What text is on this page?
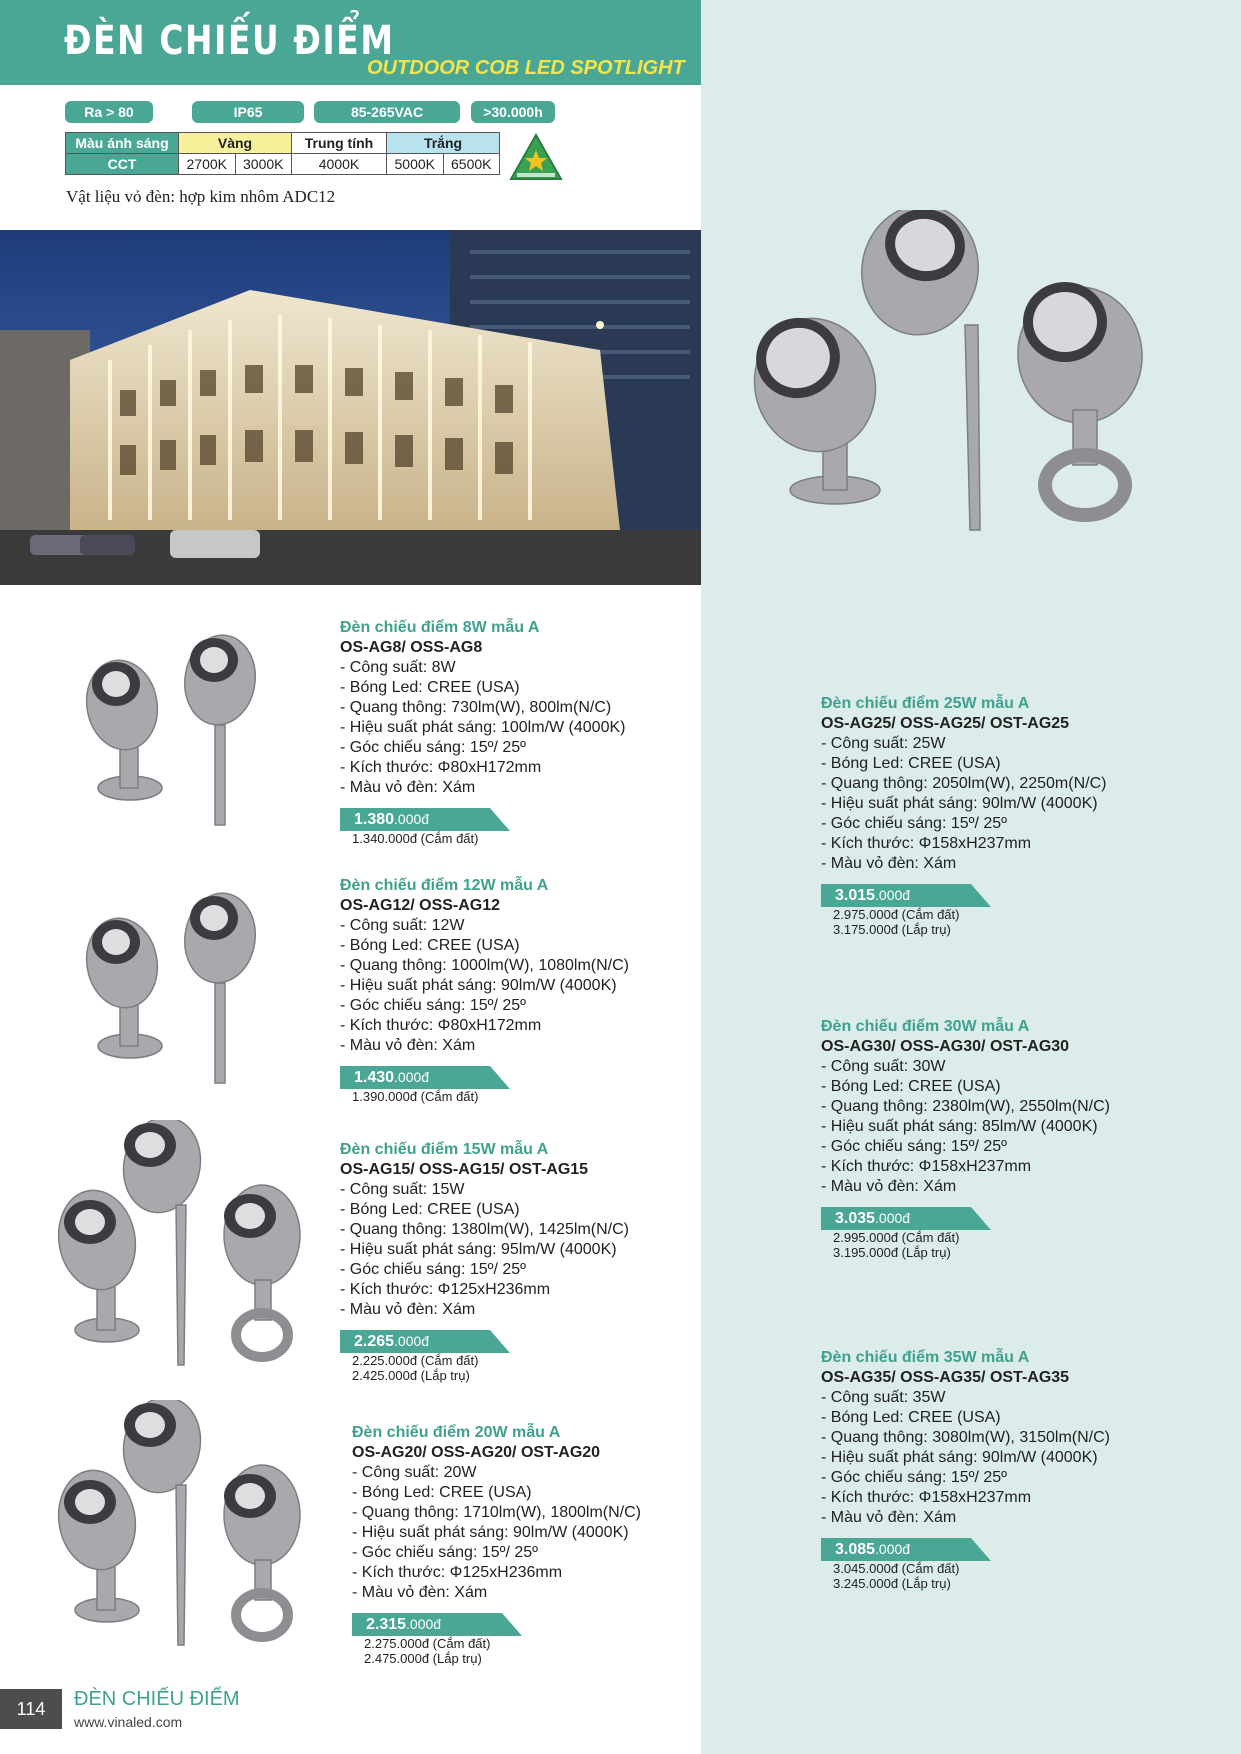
ĐÈN CHIẾU ĐIỂM
OUTDOOR COB LED SPOTLIGHT
Ra > 80	IP65	85-265VAC	>30.000h
Màu ánh sáng	Vàng		Trung tính	Trắng	
CCT	2700K	3000K	4000K	5000K	6500K
Vật liệu vỏ đèn: hợp kim nhôm ADC12
Đèn chiếu điểm 8W mẫu A
OS-AG8/ OSS-AG8
- Công suất: 8W
- Bóng Led: CREE (USA)
- Quang thông: 730lm(W), 800lm(N/C)
- Hiệu suất phát sáng: 100lm/W (4000K)
- Góc chiếu sáng: 15º/ 25º
- Kích thước: Φ80xH172mm
- Màu vỏ đèn: Xám
1.380.000đ
1.340.000đ (Cắm đất)
Đèn chiếu điểm 12W mẫu A
OS-AG12/ OSS-AG12
- Công suất: 12W
- Bóng Led: CREE (USA)
- Quang thông: 1000lm(W), 1080lm(N/C)
- Hiệu suất phát sáng: 90lm/W (4000K)
- Góc chiếu sáng: 15º/ 25º
- Kích thước: Φ80xH172mm
- Màu vỏ đèn: Xám
1.430.000đ
1.390.000đ (Cắm đất)
Đèn chiếu điểm 15W mẫu A
OS-AG15/ OSS-AG15/ OST-AG15
- Công suất: 15W
- Bóng Led: CREE (USA)
- Quang thông: 1380lm(W), 1425lm(N/C)
- Hiệu suất phát sáng: 95lm/W (4000K)
- Góc chiếu sáng: 15º/ 25º
- Kích thước: Φ125xH236mm
- Màu vỏ đèn: Xám
2.265.000đ
2.225.000đ (Cắm đất)
2.425.000đ (Lắp trụ)
Đèn chiếu điểm 20W mẫu A
OS-AG20/ OSS-AG20/ OST-AG20
- Công suất: 20W
- Bóng Led: CREE (USA)
- Quang thông: 1710lm(W), 1800lm(N/C)
- Hiệu suất phát sáng: 90lm/W (4000K)
- Góc chiếu sáng: 15º/ 25º
- Kích thước: Φ125xH236mm
- Màu vỏ đèn: Xám
2.315.000đ
2.275.000đ (Cắm đất)
2.475.000đ (Lắp trụ)
Đèn chiếu điểm 25W mẫu A
OS-AG25/ OSS-AG25/ OST-AG25
- Công suất: 25W
- Bóng Led: CREE (USA)
- Quang thông: 2050lm(W), 2250m(N/C)
- Hiệu suất phát sáng: 90lm/W (4000K)
- Góc chiếu sáng: 15º/ 25º
- Kích thước: Φ158xH237mm
- Màu vỏ đèn: Xám
3.015.000đ
2.975.000đ (Cắm đất)
3.175.000đ (Lắp trụ)
Đèn chiếu điểm 30W mẫu A
OS-AG30/ OSS-AG30/ OST-AG30
- Công suất: 30W
- Bóng Led: CREE (USA)
- Quang thông: 2380lm(W), 2550lm(N/C)
- Hiệu suất phát sáng: 85lm/W (4000K)
- Góc chiếu sáng: 15º/ 25º
- Kích thước: Φ158xH237mm
- Màu vỏ đèn: Xám
3.035.000đ
2.995.000đ (Cắm đất)
3.195.000đ (Lắp trụ)
Đèn chiếu điểm 35W mẫu A
OS-AG35/ OSS-AG35/ OST-AG35
- Công suất: 35W
- Bóng Led: CREE (USA)
- Quang thông: 3080lm(W), 3150lm(N/C)
- Hiệu suất phát sáng: 90lm/W (4000K)
- Góc chiếu sáng: 15º/ 25º
- Kích thước: Φ158xH237mm
- Màu vỏ đèn: Xám
3.085.000đ
3.045.000đ (Cắm đất)
3.245.000đ (Lắp trụ)
114	ĐÈN CHIẾU ĐIỂM
www.vinaled.com
